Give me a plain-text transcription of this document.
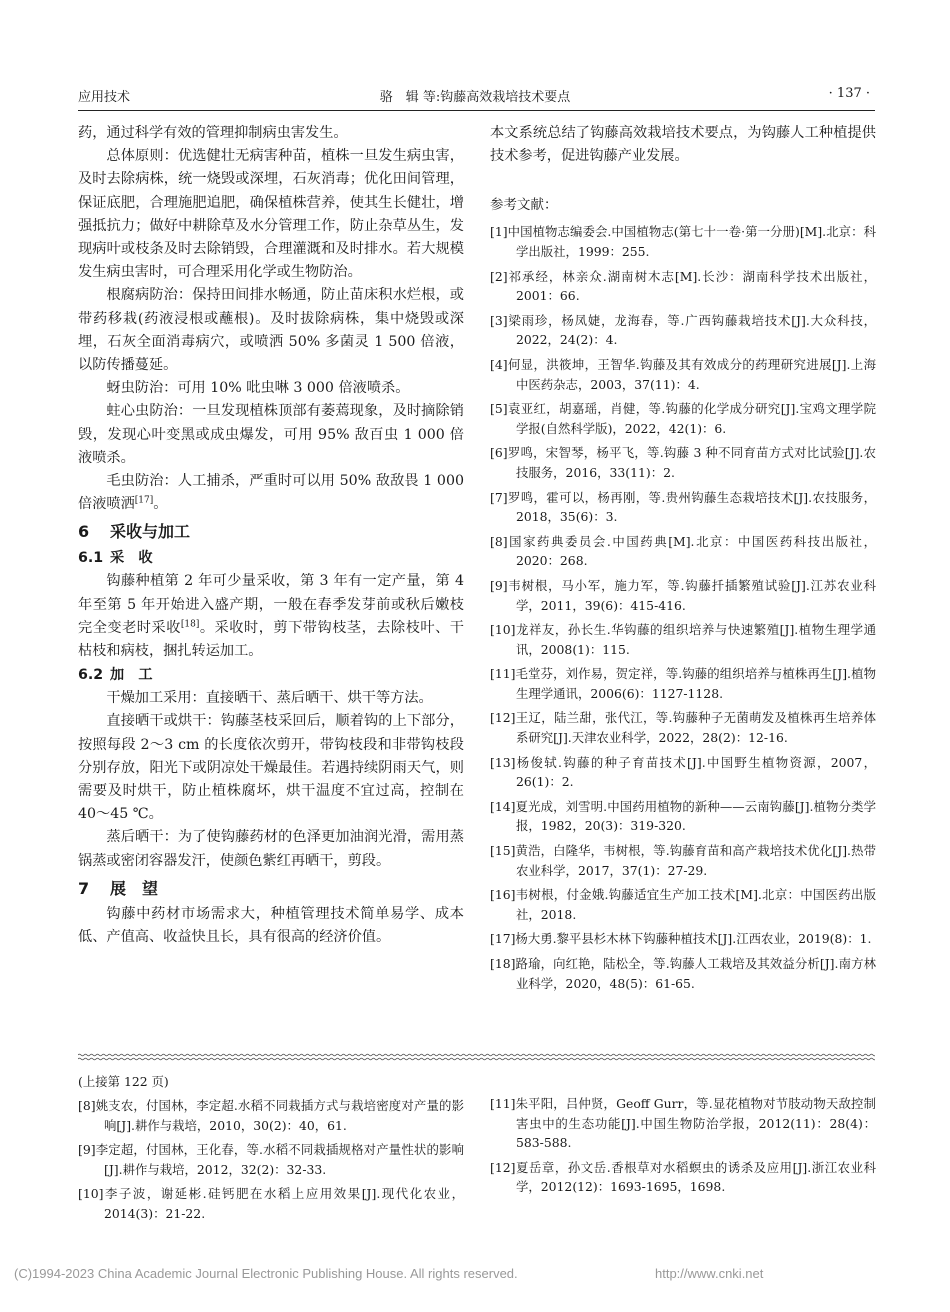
应用技术	骆　辑 等:钩藤高效栽培技术要点	· 137 ·

药，通过科学有效的管理抑制病虫害发生。

总体原则：优选健壮无病害种苗，植株一旦发生病虫害，及时去除病株，统一烧毁或深埋，石灰消毒；优化田间管理，保证底肥，合理施肥追肥，确保植株营养，使其生长健壮，增强抵抗力；做好中耕除草及水分管理工作，防止杂草丛生，发现病叶或枝条及时去除销毁，合理灌溉和及时排水。若大规模发生病虫害时，可合理采用化学或生物防治。

根腐病防治：保持田间排水畅通，防止苗床积水烂根，或带药移栽(药液浸根或蘸根)。及时拔除病株，集中烧毁或深埋，石灰全面消毒病穴，或喷洒 50% 多菌灵 1 500 倍液，以防传播蔓延。

蚜虫防治：可用 10% 吡虫啉 3 000 倍液喷杀。

蛀心虫防治：一旦发现植株顶部有萎蔫现象，及时摘除销毁，发现心叶变黑或成虫爆发，可用 95% 敌百虫 1 000 倍液喷杀。

毛虫防治：人工捕杀，严重时可以用 50% 敌敌畏 1 000倍液喷洒[17]。

6 采收与加工
6.1 采　收

钩藤种植第 2 年可少量采收，第 3 年有一定产量，第 4 年至第 5 年开始进入盛产期，一般在春季发芽前或秋后嫩枝完全变老时采收[18]。采收时，剪下带钩枝茎，去除枝叶、干枯枝和病枝，捆扎转运加工。

6.2 加　工

干燥加工采用：直接晒干、蒸后晒干、烘干等方法。

直接晒干或烘干：钩藤茎枝采回后，顺着钩的上下部分，按照每段 2～3 cm 的长度依次剪开，带钩枝段和非带钩枝段分别存放，阳光下或阴凉处干燥最佳。若遇持续阴雨天气，则需要及时烘干，防止植株腐坏，烘干温度不宜过高，控制在 40～45 ℃。

蒸后晒干：为了使钩藤药材的色泽更加油润光滑，需用蒸锅蒸或密闭容器发汗，使颜色紫红再晒干，剪段。

7 展　望

钩藤中药材市场需求大，种植管理技术简单易学、成本低、产值高、收益快且长，具有很高的经济价值。

本文系统总结了钩藤高效栽培技术要点，为钩藤人工种植提供技术参考，促进钩藤产业发展。

参考文献：

[1]中国植物志编委会.中国植物志(第七十一卷·第一分册)[M].北京：科学出版社，1999：255.

[2]祁承经，林亲众.湖南树木志[M].长沙：湖南科学技术出版社，2001：66.

[3]梁雨珍，杨凤婕，龙海春，等.广西钩藤栽培技术[J].大众科技，2022，24(2)：4.

[4]何显，洪筱坤，王智华.钩藤及其有效成分的药理研究进展[J].上海中医药杂志，2003，37(11)：4.

[5]袁亚红，胡嘉瑶，肖健，等.钩藤的化学成分研究[J].宝鸡文理学院学报(自然科学版)，2022，42(1)：6.

[6]罗鸣，宋智琴，杨平飞，等.钩藤 3 种不同育苗方式对比试验[J].农技服务，2016，33(11)：2.

[7]罗鸣，霍可以，杨再刚，等.贵州钩藤生态栽培技术[J].农技服务，2018，35(6)：3.

[8]国家药典委员会.中国药典[M].北京：中国医药科技出版社，2020：268.

[9]韦树根，马小军，施力军，等.钩藤扦插繁殖试验[J].江苏农业科学，2011，39(6)：415-416.

[10]龙祥友，孙长生.华钩藤的组织培养与快速繁殖[J].植物生理学通讯，2008(1)：115.

[11]毛堂芬，刘作易，贺定祥，等.钩藤的组织培养与植株再生[J].植物生理学通讯，2006(6)：1127-1128.

[12]王辽，陆兰甜，张代江，等.钩藤种子无菌萌发及植株再生培养体系研究[J].天津农业科学，2022，28(2)：12-16.

[13]杨俊轼.钩藤的种子育苗技术[J].中国野生植物资源，2007，26(1)：2.

[14]夏光成，刘雪明.中国药用植物的新种——云南钩藤[J].植物分类学报，1982，20(3)：319-320.

[15]黄浩，白隆华，韦树根，等.钩藤育苗和高产栽培技术优化[J].热带农业科学，2017，37(1)：27-29.

[16]韦树根，付金娥.钩藤适宜生产加工技术[M].北京：中国医药出版社，2018.

[17]杨大勇.黎平县杉木林下钩藤种植技术[J].江西农业，2019(8)：1.

[18]路瑜，向红艳，陆松全，等.钩藤人工栽培及其效益分析[J].南方林业科学，2020，48(5)：61-65.

(上接第 122 页)

[8]姚支农，付国林，李定超.水稻不同栽插方式与栽培密度对产量的影响[J].耕作与栽培，2010，30(2)：40，61.

[9]李定超，付国林，王化春，等.水稻不同栽插规格对产量性状的影响[J].耕作与栽培，2012，32(2)：32-33.

[10]李子波，谢延彬.硅钙肥在水稻上应用效果[J].现代化农业，2014(3)：21-22.

[11]朱平阳，吕仲贤，Geoff Gurr，等.显花植物对节肢动物天敌控制害虫中的生态功能[J].中国生物防治学报，2012(11)：28(4)：583-588.

[12]夏岳章，孙文岳.香根草对水稻螟虫的诱杀及应用[J].浙江农业科学，2012(12)：1693-1695，1698.

(C)1994-2023 China Academic Journal Electronic Publishing House. All rights reserved.	http://www.cnki.net
